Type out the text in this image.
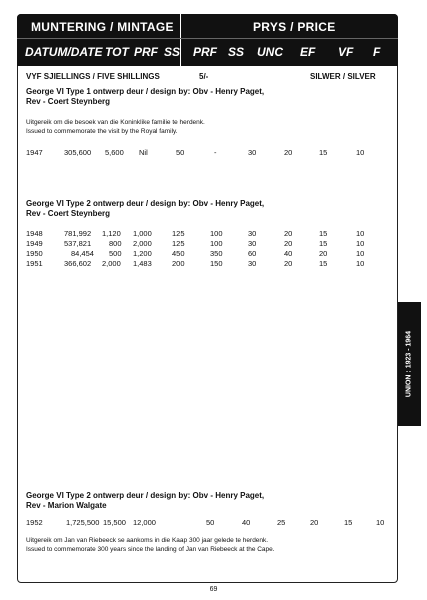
MUNTERING / MINTAGE	PRYS / PRICE
DATUM/DATE TOT PRF SS PRF SS UNC EF VF F
VYF SJIELLINGS / FIVE SHILLINGS	5/-	SILWER / SILVER
George VI Type 1 ontwerp deur / design by: Obv - Henry Paget,
Rev - Coert Steynberg
Uitgereik om die besoek van die Koninklike familie te herdenk.
Issued to commemorate the visit by the Royal family.
1947	305,600 5,600 Nil	50	-	30	20	15	10
George VI Type 2 ontwerp deur / design by: Obv - Henry Paget,
Rev - Coert Steynberg
1948	781,992 1,120 1,000	125	100	30	20	15	10
1949	537,821 800 2,000	125	100	30	20	15	10
1950	84,454 500 1,200	450	350	60	40	20	10
1951	366,602 2,000 1,483	200	150	30	20	15	10
George VI Type 2 ontwerp deur / design by: Obv - Henry Paget,
Rev - Marion Walgate
1952	1,725,500 15,500 12,000	50	40	25	20	15	10
Uitgereik om Jan van Riebeeck se aankoms in die Kaap 300 jaar gelede te herdenk.
Issued to commemorate 300 years since the landing of Jan van Riebeeck at the Cape.
UNION : 1923 - 1964
69
